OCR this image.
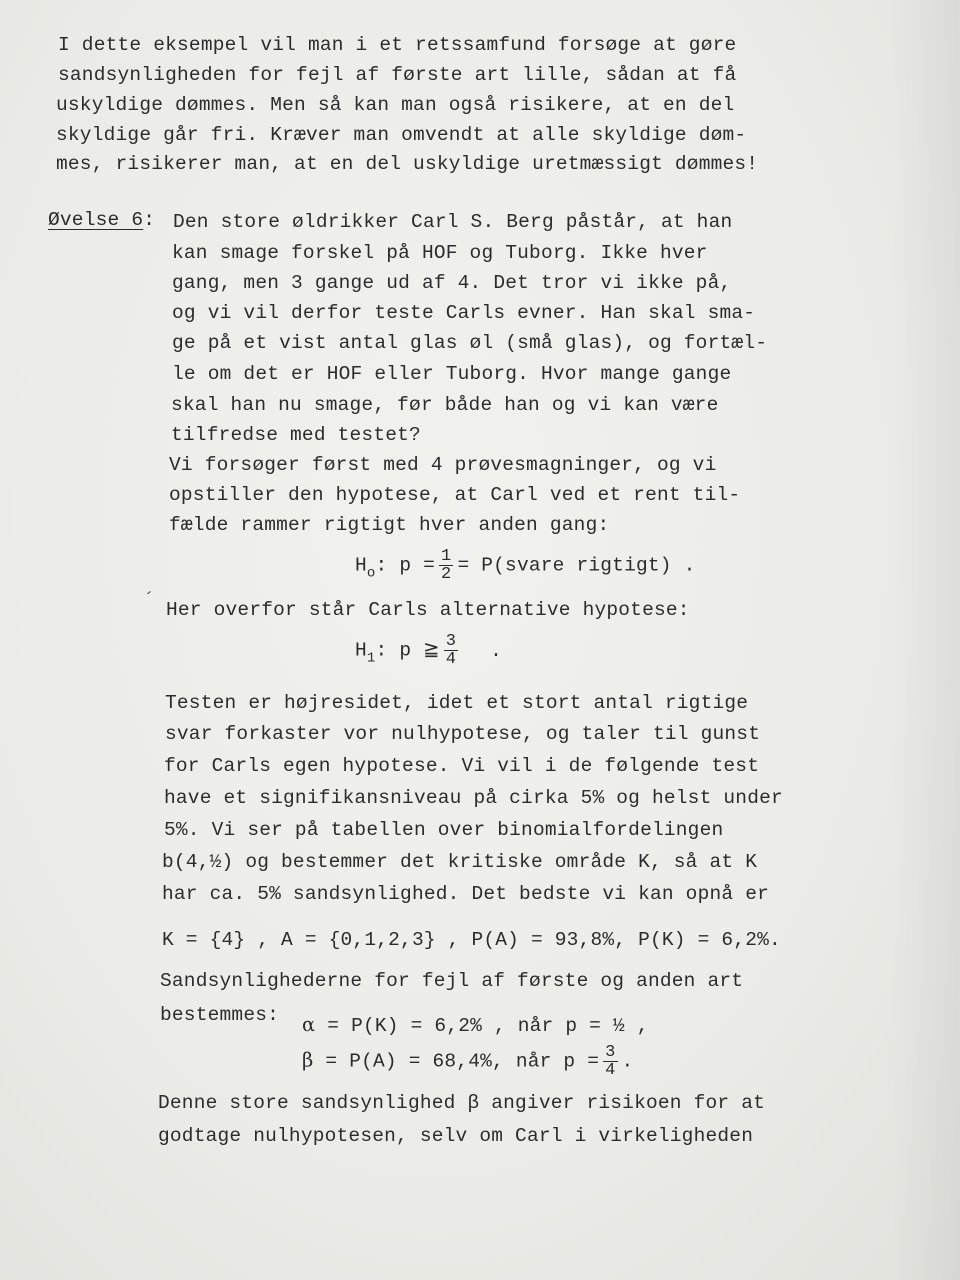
I dette eksempel vil man i et retssamfund forsøge at gøre
sandsynligheden for fejl af første art lille, sådan at få
uskyldige dømmes. Men så kan man også risikere, at en del
skyldige går fri. Kræver man omvendt at alle skyldige døm-
mes, risikerer man, at en del uskyldige uretmæssigt dømmes!
Øvelse 6: Den store øldrikker Carl S. Berg påstår, at han
kan smage forskel på HOF og Tuborg. Ikke hver
gang, men 3 gange ud af 4. Det tror vi ikke på,
og vi vil derfor teste Carls evner. Han skal sma-
ge på et vist antal glas øl (små glas), og fortæl-
le om det er HOF eller Tuborg. Hvor mange gange
skal han nu smage, før både han og vi kan være
tilfredse med testet?
Vi forsøger først med 4 prøvesmagninger, og vi
opstiller den hypotese, at Carl ved et rent til-
fælde rammer rigtigt hver anden gang:
$H_o$: $p = \frac{1}{2}$ = P(svare rigtigt) .
´ Her overfor står Carls alternative hypotese:
$H_1$: p ≧ $\frac{3}{4}$ .
Testen er højresidet, idet et stort antal rigtige
svar forkaster vor nulhypotese, og taler til gunst
for Carls egen hypotese. Vi vil i de følgende test
have et signifikansniveau på cirka 5% og helst under
5%. Vi ser på tabellen over binomialfordelingen
b(4,½) og bestemmer det kritiske område K, så at K
har ca. 5% sandsynlighed. Det bedste vi kan opnå er
K = {4} , A = {0,1,2,3} , P(A) = 93,8%, P(K) = 6,2%.
Sandsynlighederne for fejl af første og anden art
bestemmes: α = P(K) = 6,2% , når p = ½ ,
β = P(A) = 68,4%, når $p = \frac{3}{4}$ .
Denne store sandsynlighed β angiver risikoen for at
godtage nulhypotesen, selv om Carl i virkeligheden
